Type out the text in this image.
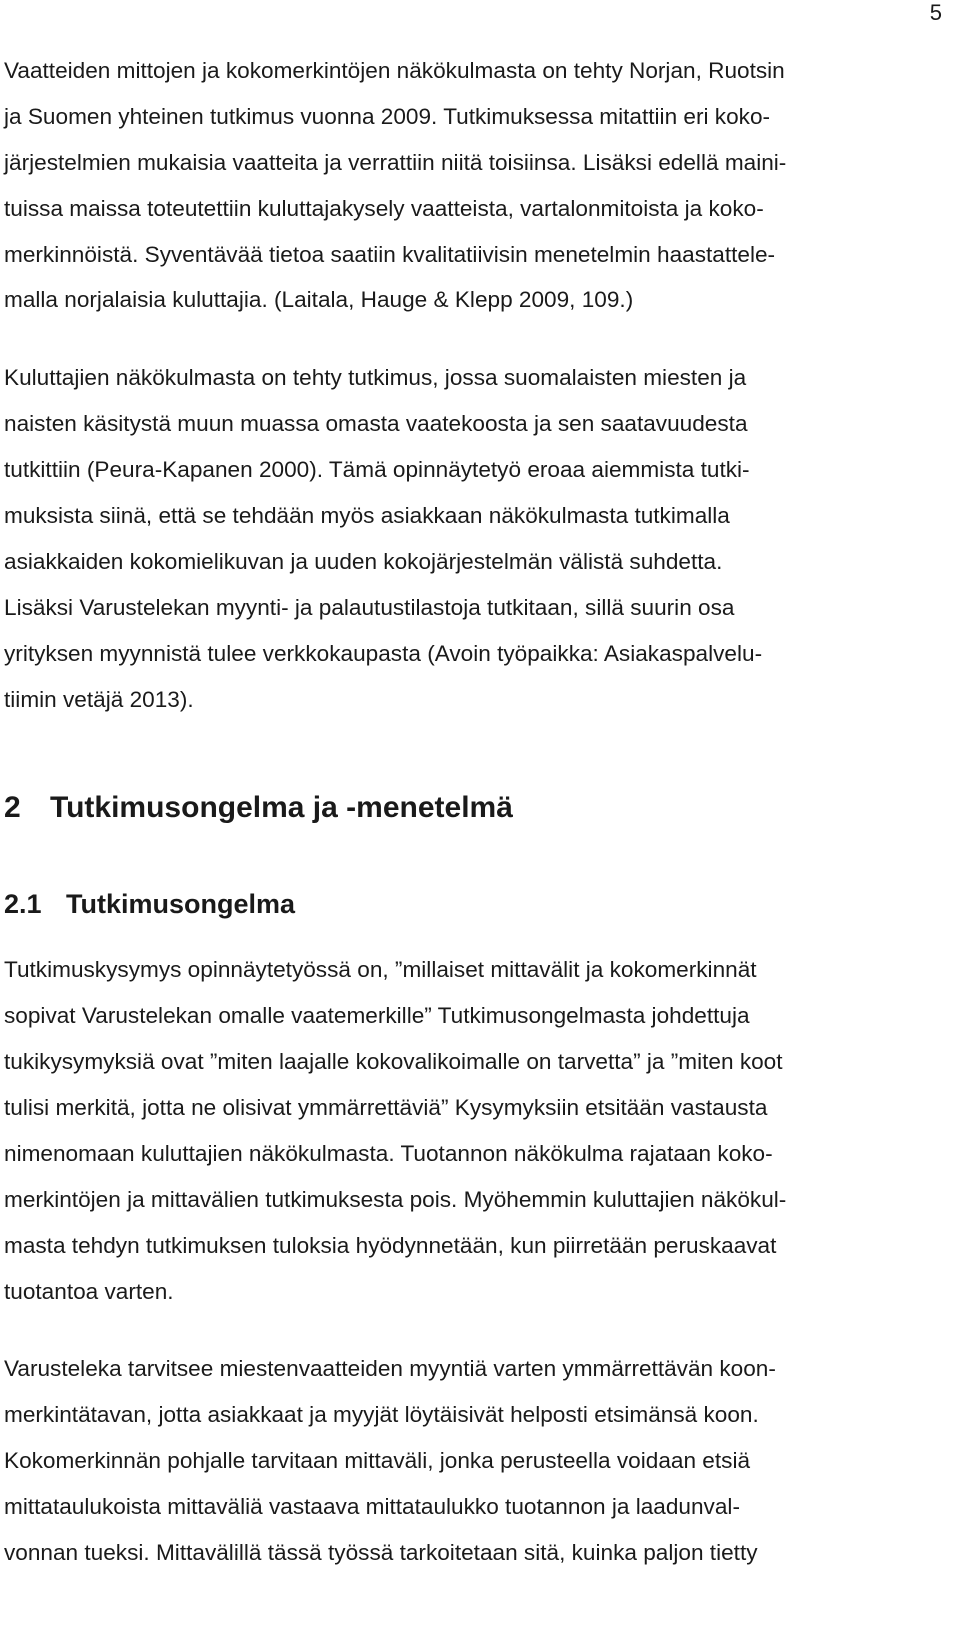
5
Vaatteiden mittojen ja kokomerkintöjen näkökulmasta on tehty Norjan, Ruotsin
ja Suomen yhteinen tutkimus vuonna 2009. Tutkimuksessa mitattiin eri koko-
järjestelmien mukaisia vaatteita ja verrattiin niitä toisiinsa. Lisäksi edellä maini-
tuissa maissa toteutettiin kuluttajakysely vaatteista, vartalonmitoista ja koko-
merkinnöistä. Syventävää tietoa saatiin kvalitatiivisin menetelmin haastattele-
malla norjalaisia kuluttajia. (Laitala, Hauge & Klepp 2009, 109.)
Kuluttajien näkökulmasta on tehty tutkimus, jossa suomalaisten miesten ja
naisten käsitystä muun muassa omasta vaatekoosta ja sen saatavuudesta
tutkittiin (Peura-Kapanen 2000). Tämä opinnäytetyö eroaa aiemmista tutki-
muksista siinä, että se tehdään myös asiakkaan näkökulmasta tutkimalla
asiakkaiden kokomielikuvan ja uuden kokojärjestelmän välistä suhdetta.
Lisäksi Varustelekan myynti- ja palautustilastoja tutkitaan, sillä suurin osa
yrityksen myynnistä tulee verkkokaupasta (Avoin työpaikka: Asiakaspalvelu-
tiimin vetäjä 2013).
2 Tutkimusongelma ja -menetelmä
2.1 Tutkimusongelma
Tutkimuskysymys opinnäytetyössä on, ”millaiset mittavälit ja kokomerkinnät
sopivat Varustelekan omalle vaatemerkille” Tutkimusongelmasta johdettuja
tukikysymyksiä ovat ”miten laajalle kokovalikoimalle on tarvetta” ja ”miten koot
tulisi merkitä, jotta ne olisivat ymmärrettäviä” Kysymyksiin etsitään vastausta
nimenomaan kuluttajien näkökulmasta. Tuotannon näkökulma rajataan koko-
merkintöjen ja mittavälien tutkimuksesta pois. Myöhemmin kuluttajien näkökul-
masta tehdyn tutkimuksen tuloksia hyödynnetään, kun piirretään peruskaavat
tuotantoa varten.
Varusteleka tarvitsee miestenvaatteiden myyntiä varten ymmärrettävän koon-
merkintätavan, jotta asiakkaat ja myyjät löytäisivät helposti etsimänsä koon.
Kokomerkinnän pohjalle tarvitaan mittaväli, jonka perusteella voidaan etsiä
mittataulukoista mittaväliä vastaava mittataulukko tuotannon ja laadunval-
vonnan tueksi. Mittavälillä tässä työssä tarkoitetaan sitä, kuinka paljon tietty
